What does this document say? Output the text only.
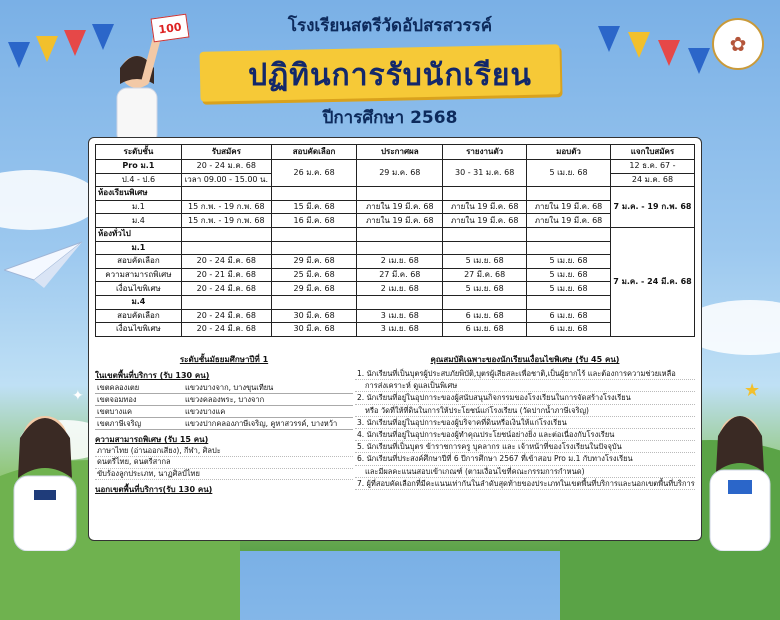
100
★
✦
โรงเรียนสตรีวัดอัปสรสวรรค์
ปฏิทินการรับนักเรียน
ปีการศึกษา 2568
✿
ระดับชั้น	รับสมัคร	สอบคัดเลือก	ประกาศผล	รายงานตัว	มอบตัว	แจกใบสมัคร
Pro ม.1	20 - 24 ม.ค. 68	26 ม.ค. 68	29 ม.ค. 68	30 - 31 ม.ค. 68	5 เม.ย. 68	12 ธ.ค. 67 -
ป.4 - ป.6	เวลา 09.00 - 15.00 น.					24 ม.ค. 68
ห้องเรียนพิเศษ						7 ม.ค. - 19 ก.พ. 68
ม.1	15 ก.พ. - 19 ก.พ. 68	15 มี.ค. 68	ภายใน 19 มี.ค. 68	ภายใน 19 มี.ค. 68	ภายใน 19 มี.ค. 68	
ม.4	15 ก.พ. - 19 ก.พ. 68	16 มี.ค. 68	ภายใน 19 มี.ค. 68	ภายใน 19 มี.ค. 68	ภายใน 19 มี.ค. 68	
ห้องทั่วไป						7 ม.ค. - 24 มี.ค. 68
ม.1						
สอบคัดเลือก	20 - 24 มี.ค. 68	29 มี.ค. 68	2 เม.ย. 68	5 เม.ย. 68	5 เม.ย. 68	
ความสามารถพิเศษ	20 - 21 มี.ค. 68	25 มี.ค. 68	27 มี.ค. 68	27 มี.ค. 68	5 เม.ย. 68	
เงื่อนไขพิเศษ	20 - 24 มี.ค. 68	29 มี.ค. 68	2 เม.ย. 68	5 เม.ย. 68	5 เม.ย. 68	
ม.4						
สอบคัดเลือก	20 - 24 มี.ค. 68	30 มี.ค. 68	3 เม.ย. 68	6 เม.ย. 68	6 เม.ย. 68	
เงื่อนไขพิเศษ	20 - 24 มี.ค. 68	30 มี.ค. 68	3 เม.ย. 68	6 เม.ย. 68	6 เม.ย. 68	
ระดับชั้นมัธยมศึกษาปีที่ 1
ในเขตพื้นที่บริการ (รับ 130 คน)
เขตคลองเตย	แขวงบางจาก, บางขุนเทียน
เขตจอมทอง	แขวงคลองพระ, บางจาก
เขตบางแค	แขวงบางแค
เขตภาษีเจริญ	แขวงปากคลองภาษีเจริญ, คูหาสวรรค์, บางหว้า
ความสามารถพิเศษ (รับ 15 คน)
ภาษาไทย (อ่านออกเสียง), กีฬา, ศิลปะ
ดนตรีไทย, ดนตรีสากล
ขับร้องลูกประเภท, นาฏศิลป์ไทย
นอกเขตพื้นที่บริการ(รับ 130 คน)
คุณสมบัติเฉพาะของนักเรียนเงื่อนไขพิเศษ (รับ 45 คน)
1. นักเรียนที่เป็นบุตรผู้ประสบภัยพิบัติ,บุตรผู้เสียสละเพื่อชาติ,เป็นผู้ยากไร้ และต้องการความช่วยเหลือ
การส่งเคราะห์ ดูแลเป็นพิเศษ
2. นักเรียนที่อยู่ในอุปการะของผู้สนับสนุนกิจกรรมของโรงเรียนในการจัดสร้างโรงเรียน
หรือ วัดที่ให้ที่ดินในการให้ประโยชน์แก่โรงเรียน (วัดปากน้ำภาษีเจริญ)
3. นักเรียนที่อยู่ในอุปการะของผู้บริจาคที่ดินหรือเงินให้แก่โรงเรียน
4. นักเรียนที่อยู่ในอุปการะของผู้ทำคุณประโยชน์อย่างยิ่ง และต่อเนื่องกับโรงเรียน
5. นักเรียนที่เป็นบุตร ข้าราชการครู บุคลากร และ เจ้าหน้าที่ของโรงเรียนในปัจจุบัน
6. นักเรียนที่ประสงค์ศึกษาปีที่ 6 ปีการศึกษา 2567 ที่เข้าสอบ Pro ม.1 กับทางโรงเรียน
และมีผลคะแนนสอบเข้าเกณฑ์ (ตามเงื่อนไขที่คณะกรรมการกำหนด)
7. ผู้ที่สอบคัดเลือกที่มีคะแนนเท่ากันในลำดับสุดท้ายของประเภทในเขตพื้นที่บริการและนอกเขตพื้นที่บริการ
